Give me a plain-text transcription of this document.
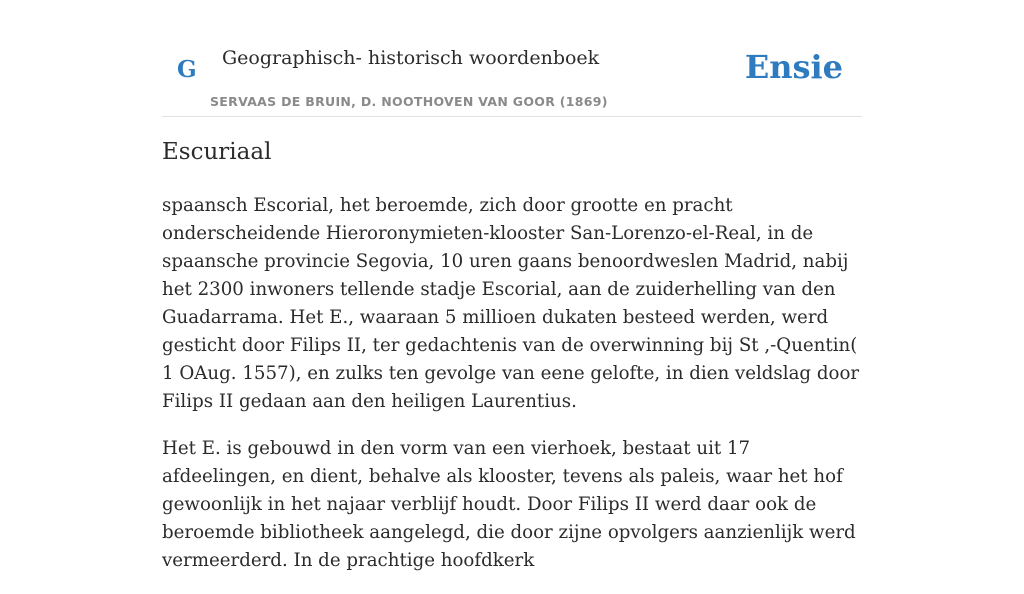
G Geographisch- historisch woordenboek
SERVAAS DE BRUIN, D. NOOTHOVEN VAN GOOR (1869)
Ensie
Escuriaal

spaansch Escorial, het beroemde, zich door grootte en pracht onderscheidende Hieroronymieten-klooster San-Lorenzo-el-Real, in de spaansche provincie Segovia, 10 uren gaans benoordweslen Madrid, nabij het 2300 inwoners tellende stadje Escorial, aan de zuiderhelling van den Guadarrama. Het E., waaraan 5 millioen dukaten besteed werden, werd gesticht door Filips II, ter gedachtenis van de overwinning bij St ,-Quentin( 1 OAug. 1557), en zulks ten gevolge van eene gelofte, in dien veldslag door Filips II gedaan aan den heiligen Laurentius.

Het E. is gebouwd in den vorm van een vierhoek, bestaat uit 17 afdeelingen, en dient, behalve als klooster, tevens als paleis, waar het hof gewoonlijk in het najaar verblijf houdt. Door Filips II werd daar ook de beroemde bibliotheek aangelegd, die door zijne opvolgers aanzienlijk werd vermeerderd. In de prachtige hoofdkerk
